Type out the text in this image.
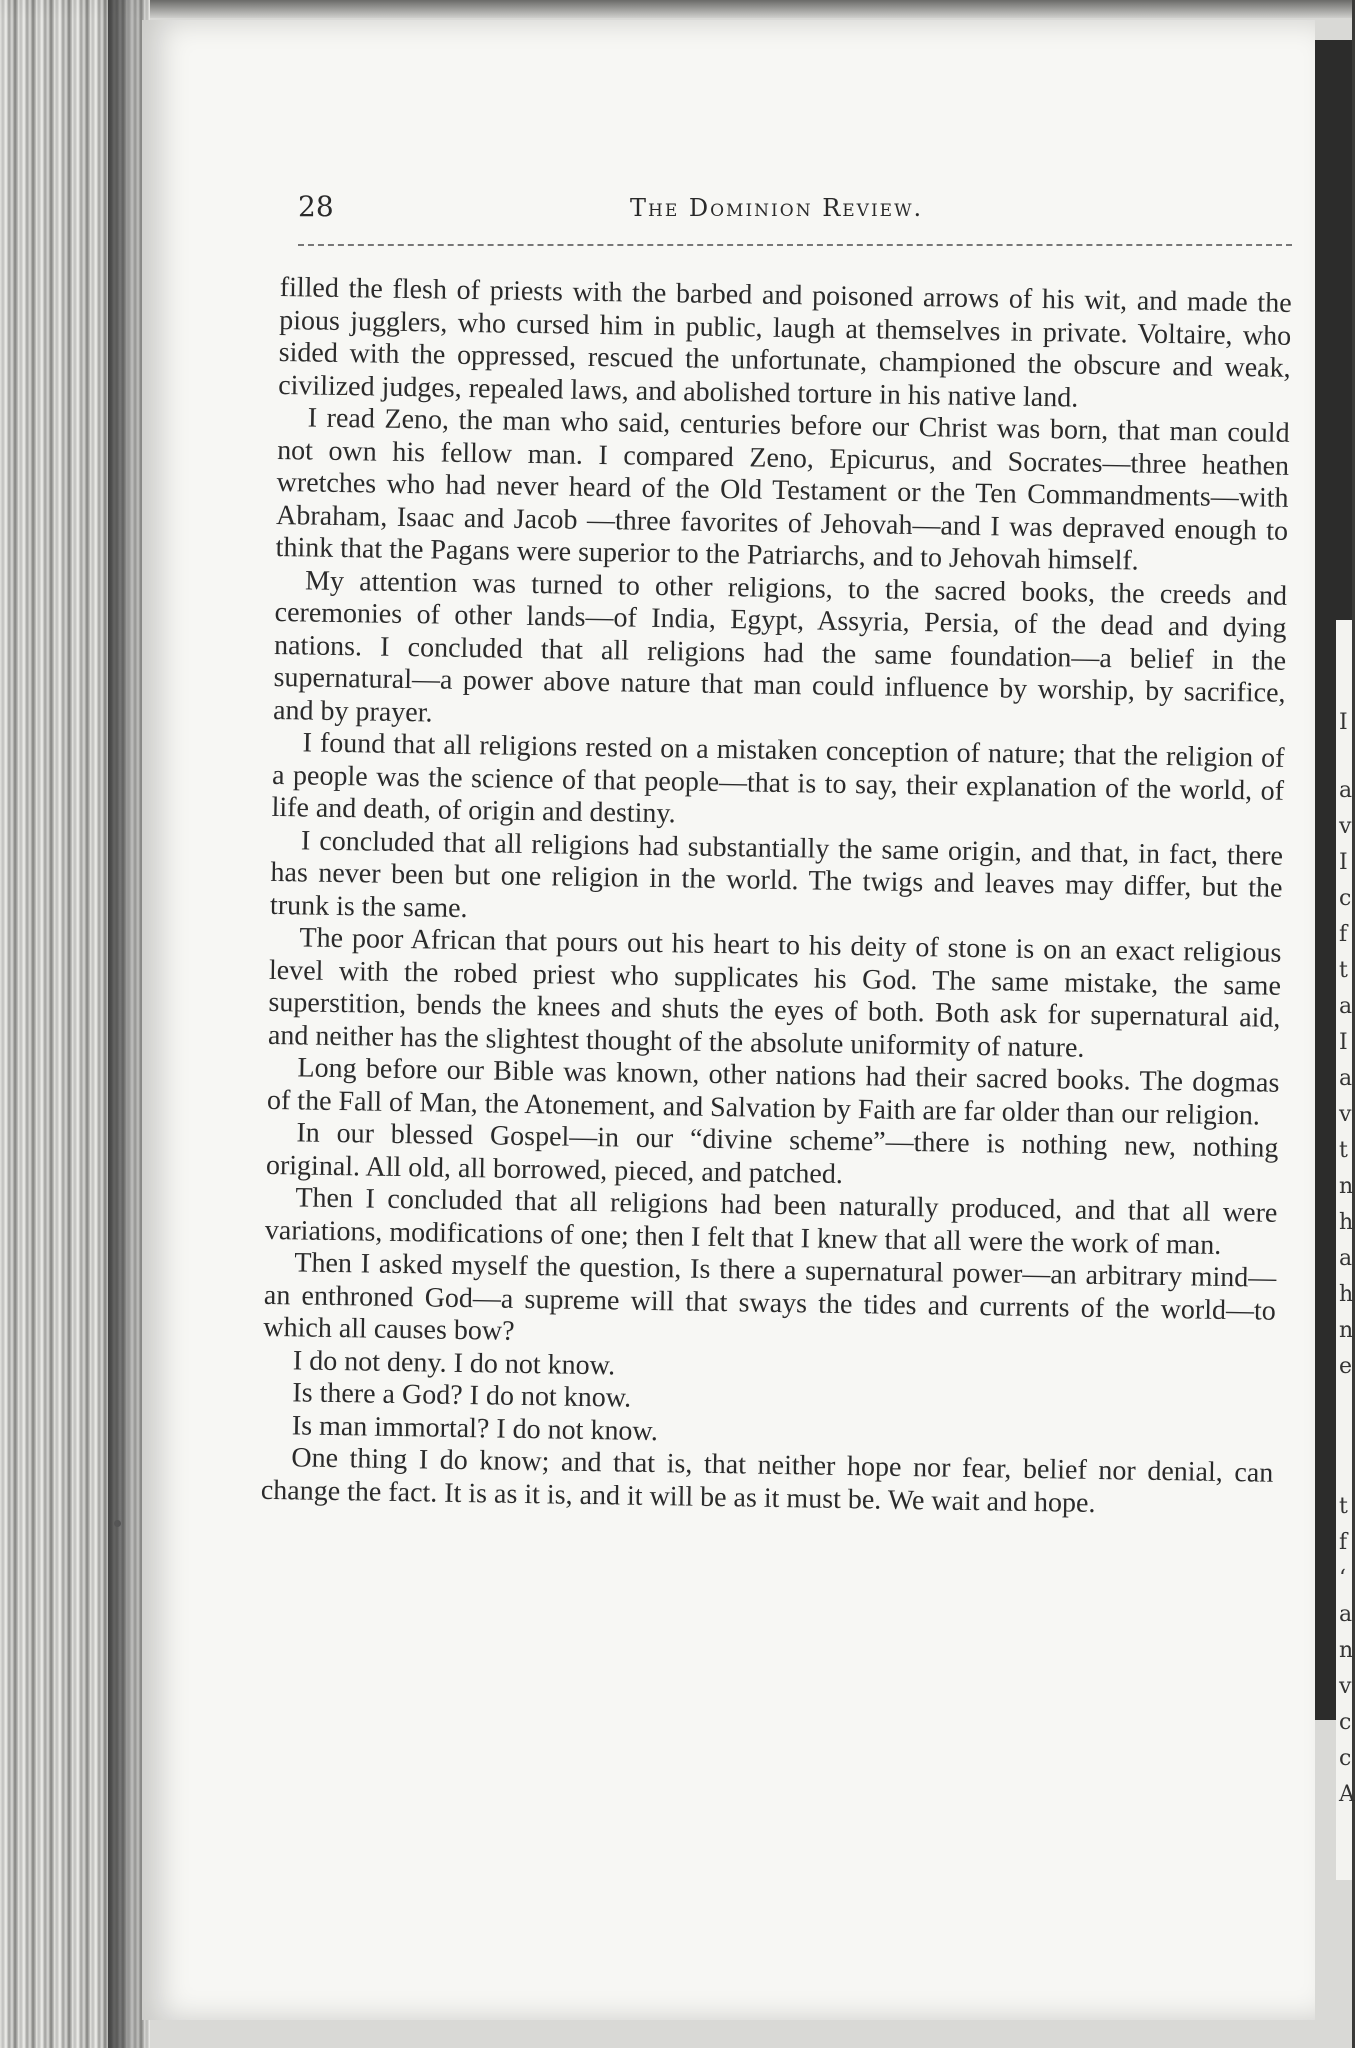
I
a
v
I
c
f
t
a
I
a
v
t
n
h
a
h
n
e
t
f
‘
a
n
v
c
c
A
28	The Dominion Review.

filled the flesh of priests with the barbed and poisoned arrows of his wit, and made the pious jugglers, who cursed him in public, laugh at themselves in private. Voltaire, who sided with the oppressed, rescued the unfortunate, championed the obscure and weak, civilized judges, repealed laws, and abolished torture in his native land.

I read Zeno, the man who said, centuries before our Christ was born, that man could not own his fellow man. I compared Zeno, Epicurus, and Socrates—three heathen wretches who had never heard of the Old Testament or the Ten Commandments—with Abraham, Isaac and Jacob —three favorites of Jehovah—and I was depraved enough to think that the Pagans were superior to the Patriarchs, and to Jehovah himself.

My attention was turned to other religions, to the sacred books, the creeds and ceremonies of other lands—of India, Egypt, Assyria, Persia, of the dead and dying nations. I concluded that all religions had the same foundation—a belief in the supernatural—a power above nature that man could influence by worship, by sacrifice, and by prayer.

I found that all religions rested on a mistaken conception of nature; that the religion of a people was the science of that people—that is to say, their explanation of the world, of life and death, of origin and destiny.

I concluded that all religions had substantially the same origin, and that, in fact, there has never been but one religion in the world. The twigs and leaves may differ, but the trunk is the same.

The poor African that pours out his heart to his deity of stone is on an exact religious level with the robed priest who supplicates his God. The same mistake, the same superstition, bends the knees and shuts the eyes of both. Both ask for supernatural aid, and neither has the slightest thought of the absolute uniformity of nature.

Long before our Bible was known, other nations had their sacred books. The dogmas of the Fall of Man, the Atonement, and Salvation by Faith are far older than our religion.

In our blessed Gospel—in our “divine scheme”—there is nothing new, nothing original. All old, all borrowed, pieced, and patched.

Then I concluded that all religions had been naturally produced, and that all were variations, modifications of one; then I felt that I knew that all were the work of man.

Then I asked myself the question, Is there a supernatural power—an arbitrary mind—an enthroned God—a supreme will that sways the tides and currents of the world—to which all causes bow?

I do not deny. I do not know.

Is there a God? I do not know.

Is man immortal? I do not know.

One thing I do know; and that is, that neither hope nor fear, belief nor denial, can change the fact. It is as it is, and it will be as it must be. We wait and hope.
